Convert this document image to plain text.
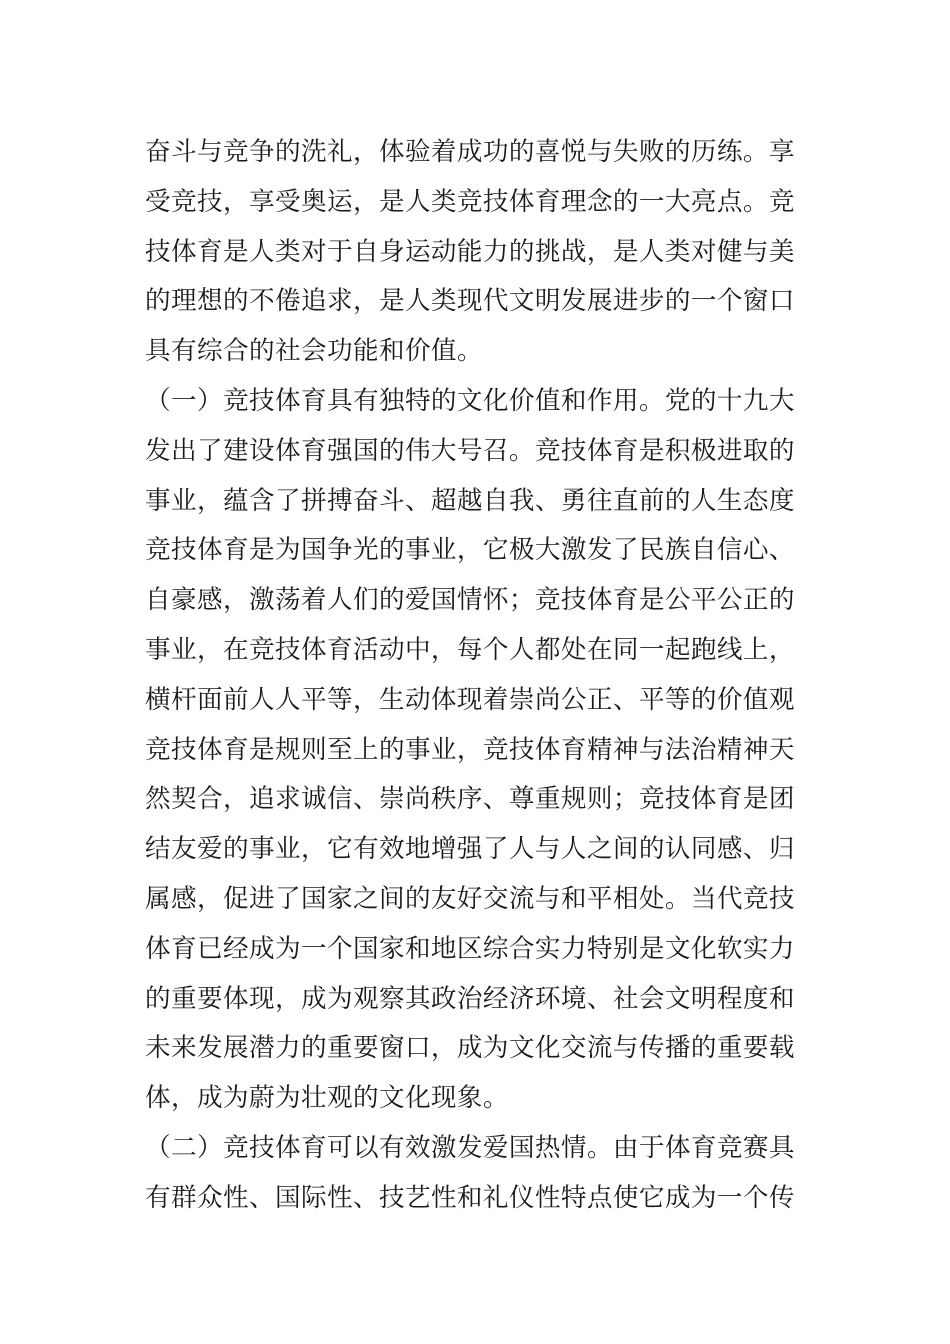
奋斗与竞争的洗礼，体验着成功的喜悦与失败的历练。享
受竞技，享受奥运，是人类竞技体育理念的一大亮点。竞
技体育是人类对于自身运动能力的挑战，是人类对健与美
的理想的不倦追求，是人类现代文明发展进步的一个窗口
具有综合的社会功能和价值。
（一）竞技体育具有独特的文化价值和作用。党的十九大
发出了建设体育强国的伟大号召。竞技体育是积极进取的
事业，蕴含了拼搏奋斗、超越自我、勇往直前的人生态度
竞技体育是为国争光的事业，它极大激发了民族自信心、
自豪感，激荡着人们的爱国情怀；竞技体育是公平公正的
事业，在竞技体育活动中，每个人都处在同一起跑线上，
横杆面前人人平等，生动体现着崇尚公正、平等的价值观
竞技体育是规则至上的事业，竞技体育精神与法治精神天
然契合，追求诚信、崇尚秩序、尊重规则；竞技体育是团
结友爱的事业，它有效地增强了人与人之间的认同感、归
属感，促进了国家之间的友好交流与和平相处。当代竞技
体育已经成为一个国家和地区综合实力特别是文化软实力
的重要体现，成为观察其政治经济环境、社会文明程度和
未来发展潜力的重要窗口，成为文化交流与传播的重要载
体，成为蔚为壮观的文化现象。
（二）竞技体育可以有效激发爱国热情。由于体育竞赛具
有群众性、国际性、技艺性和礼仪性特点使它成为一个传
